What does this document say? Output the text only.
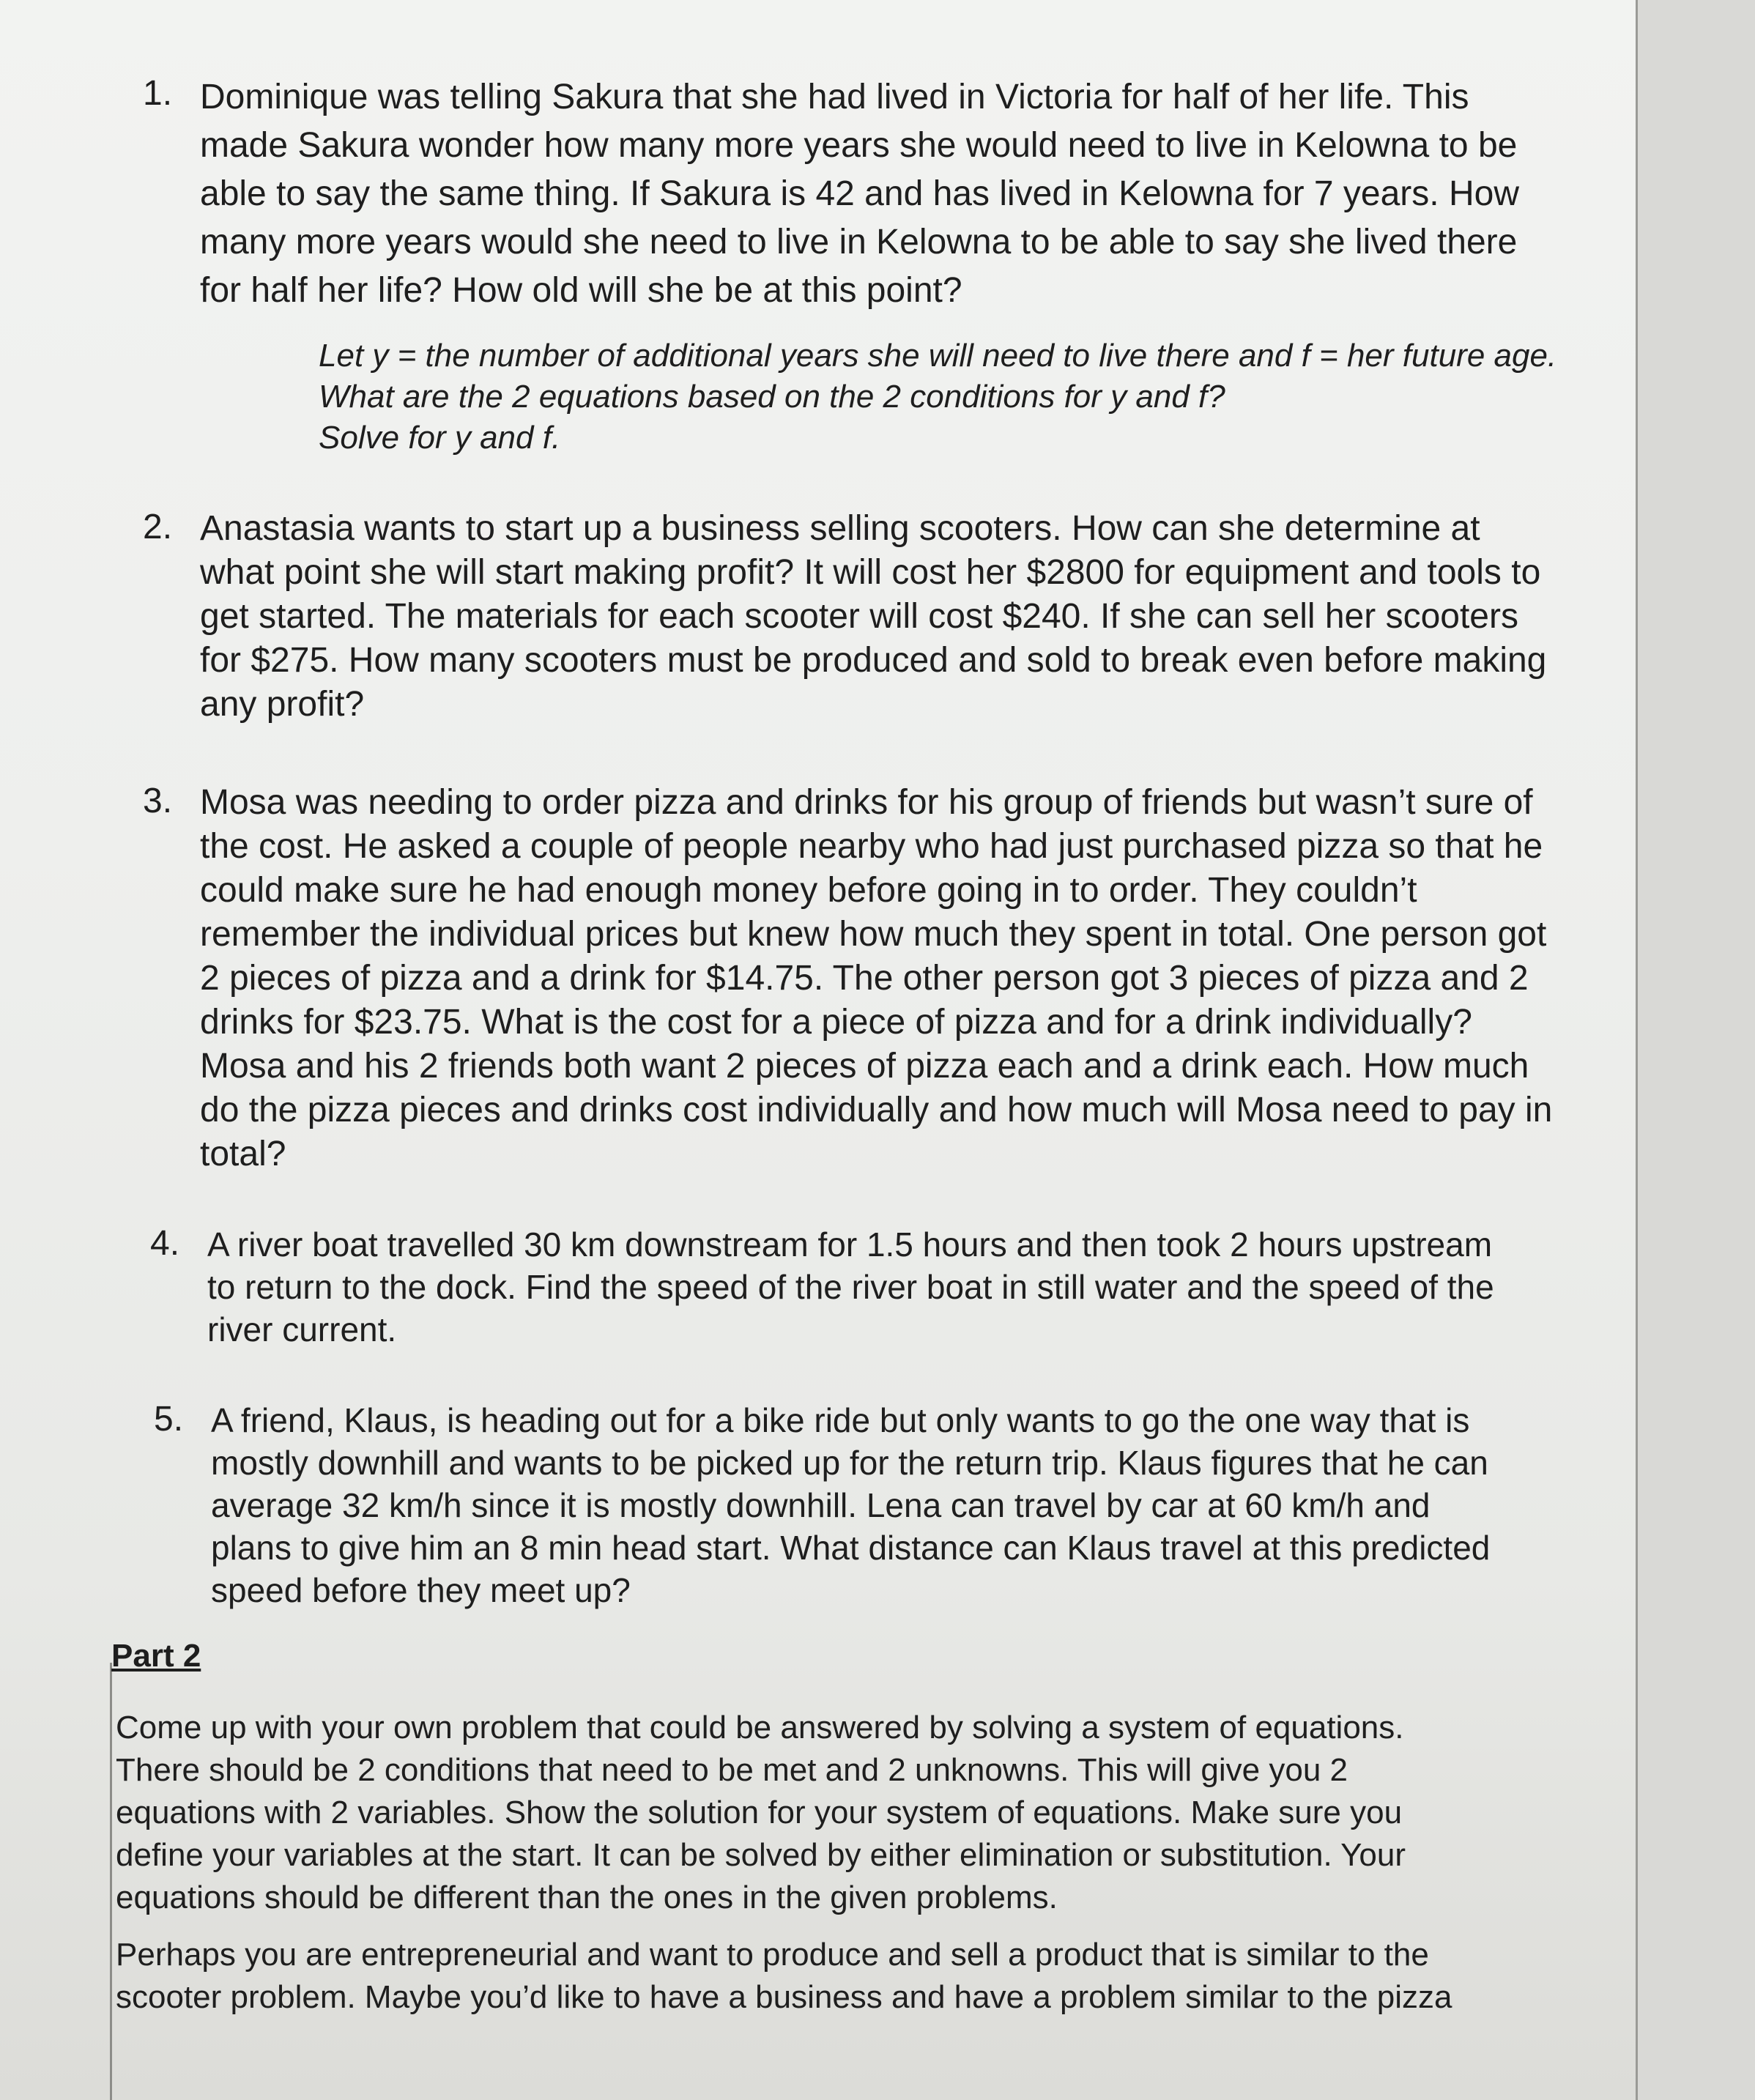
1. Dominique was telling Sakura that she had lived in Victoria for half of her life. This
made Sakura wonder how many more years she would need to live in Kelowna to be
able to say the same thing. If Sakura is 42 and has lived in Kelowna for 7 years. How
many more years would she need to live in Kelowna to be able to say she lived there
for half her life? How old will she be at this point?
Let y = the number of additional years she will need to live there and f = her future age.
What are the 2 equations based on the 2 conditions for y and f?
Solve for y and f.
2. Anastasia wants to start up a business selling scooters. How can she determine at
what point she will start making profit? It will cost her $2800 for equipment and tools to
get started. The materials for each scooter will cost $240. If she can sell her scooters
for $275. How many scooters must be produced and sold to break even before making
any profit?
3. Mosa was needing to order pizza and drinks for his group of friends but wasn’t sure of
the cost. He asked a couple of people nearby who had just purchased pizza so that he
could make sure he had enough money before going in to order. They couldn’t
remember the individual prices but knew how much they spent in total. One person got
2 pieces of pizza and a drink for $14.75. The other person got 3 pieces of pizza and 2
drinks for $23.75. What is the cost for a piece of pizza and for a drink individually?
Mosa and his 2 friends both want 2 pieces of pizza each and a drink each. How much
do the pizza pieces and drinks cost individually and how much will Mosa need to pay in
total?
4. A river boat travelled 30 km downstream for 1.5 hours and then took 2 hours upstream
to return to the dock. Find the speed of the river boat in still water and the speed of the
river current.
5. A friend, Klaus, is heading out for a bike ride but only wants to go the one way that is
mostly downhill and wants to be picked up for the return trip. Klaus figures that he can
average 32 km/h since it is mostly downhill. Lena can travel by car at 60 km/h and
plans to give him an 8 min head start. What distance can Klaus travel at this predicted
speed before they meet up?
Part 2
Come up with your own problem that could be answered by solving a system of equations.
There should be 2 conditions that need to be met and 2 unknowns. This will give you 2
equations with 2 variables. Show the solution for your system of equations. Make sure you
define your variables at the start. It can be solved by either elimination or substitution. Your
equations should be different than the ones in the given problems.
Perhaps you are entrepreneurial and want to produce and sell a product that is similar to the
scooter problem. Maybe you’d like to have a business and have a problem similar to the pizza
